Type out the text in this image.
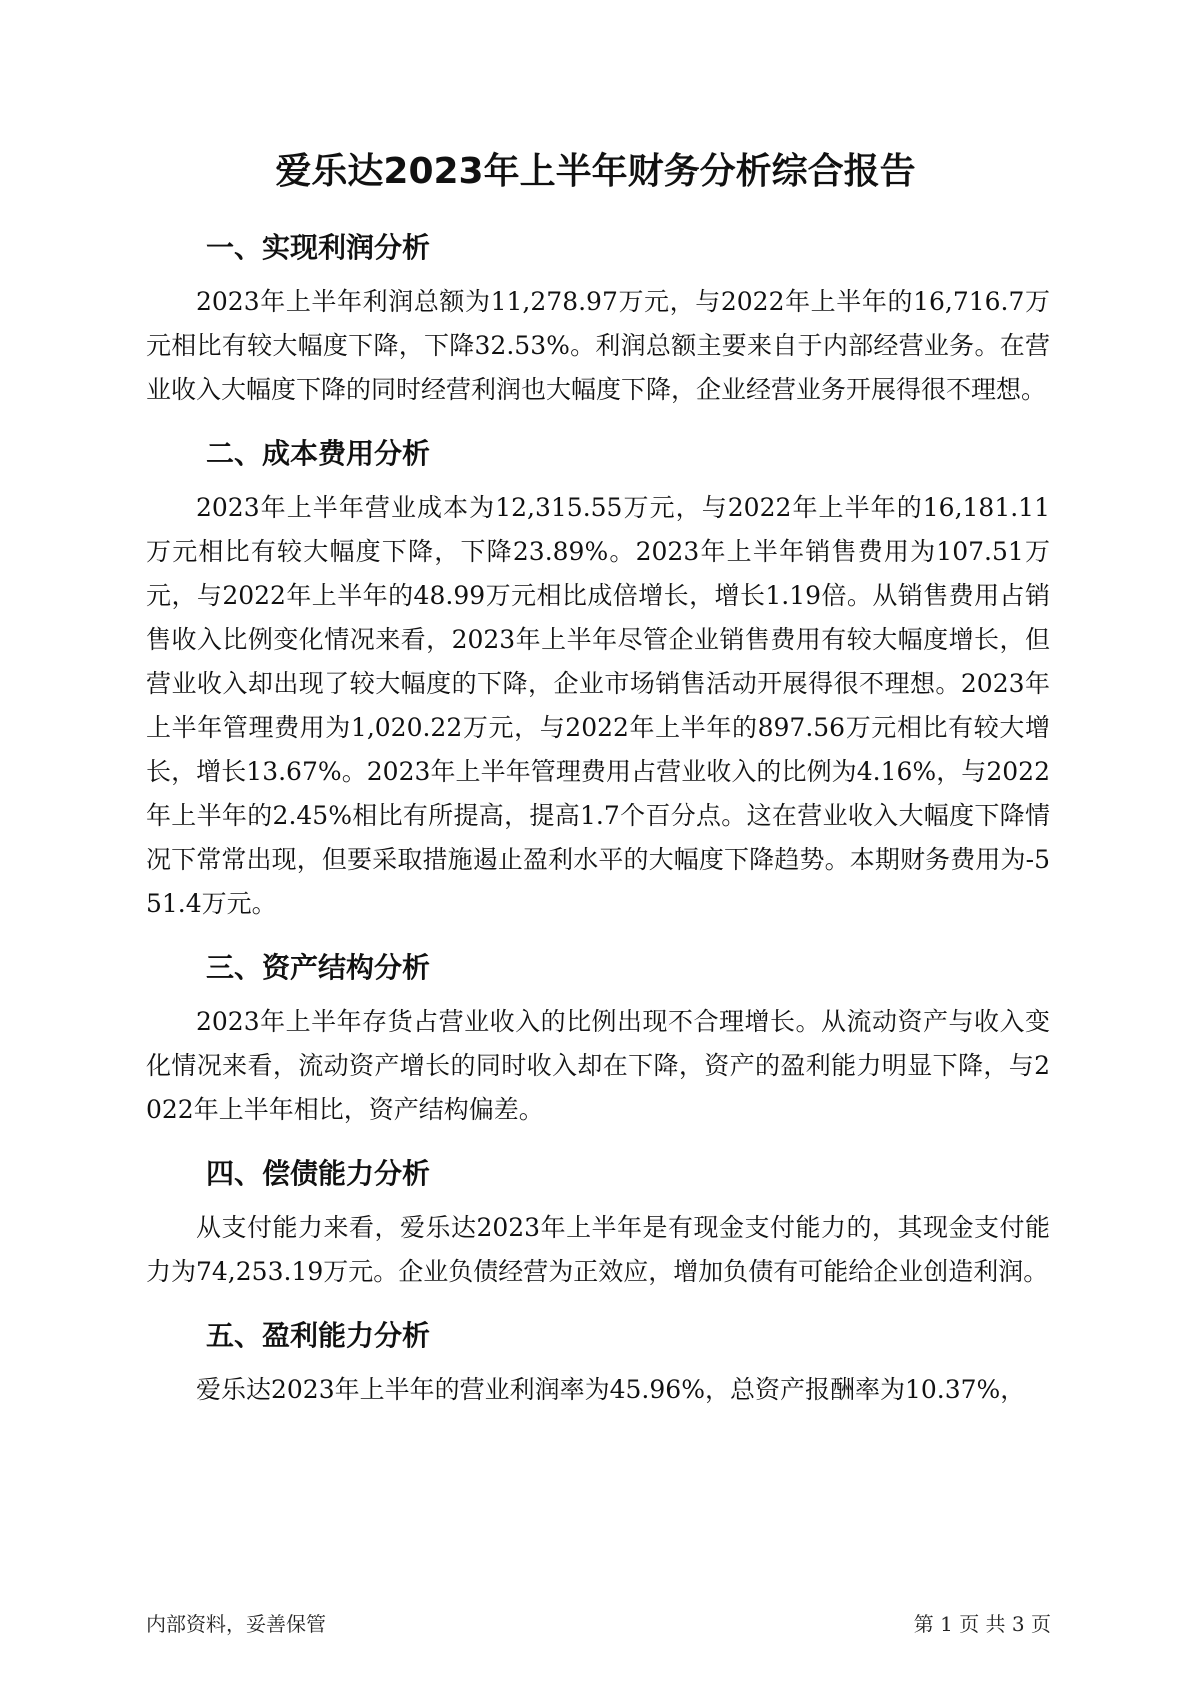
爱乐达2023年上半年财务分析综合报告
一、实现利润分析

2023年上半年利润总额为11,278.97万元，与2022年上半年的16,716.7万元相比有较大幅度下降，下降32.53%。利润总额主要来自于内部经营业务。在营业收入大幅度下降的同时经营利润也大幅度下降，企业经营业务开展得很不理想。

二、成本费用分析

2023年上半年营业成本为12,315.55万元，与2022年上半年的16,181.11万元相比有较大幅度下降，下降23.89%。2023年上半年销售费用为107.51万元，与2022年上半年的48.99万元相比成倍增长，增长1.19倍。从销售费用占销售收入比例变化情况来看，2023年上半年尽管企业销售费用有较大幅度增长，但营业收入却出现了较大幅度的下降，企业市场销售活动开展得很不理想。2023年上半年管理费用为1,020.22万元，与2022年上半年的897.56万元相比有较大增长，增长13.67%。2023年上半年管理费用占营业收入的比例为4.16%，与2022年上半年的2.45%相比有所提高，提高1.7个百分点。这在营业收入大幅度下降情况下常常出现，但要采取措施遏止盈利水平的大幅度下降趋势。本期财务费用为-551.4万元。

三、资产结构分析

2023年上半年存货占营业收入的比例出现不合理增长。从流动资产与收入变化情况来看，流动资产增长的同时收入却在下降，资产的盈利能力明显下降，与2022年上半年相比，资产结构偏差。

四、偿债能力分析

从支付能力来看，爱乐达2023年上半年是有现金支付能力的，其现金支付能力为74,253.19万元。企业负债经营为正效应，增加负债有可能给企业创造利润。

五、盈利能力分析

爱乐达2023年上半年的营业利润率为45.96%，总资产报酬率为10.37%，

内部资料，妥善保管	第 1 页 共 3 页
